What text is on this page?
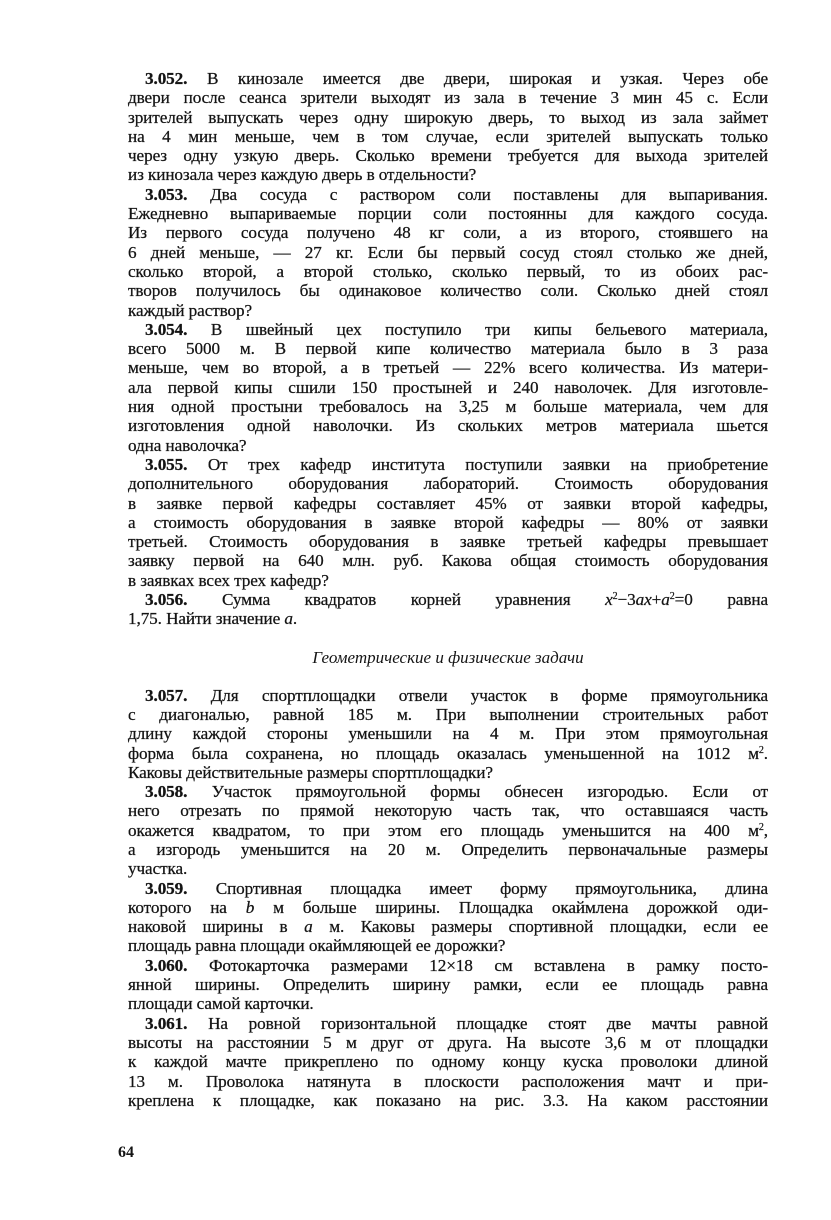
3.052. В кинозале имеется две двери, широкая и узкая. Через обе
двери после сеанса зрители выходят из зала в течение 3 мин 45 с. Если
зрителей выпускать через одну широкую дверь, то выход из зала займет
на 4 мин меньше, чем в том случае, если зрителей выпускать только
через одну узкую дверь. Сколько времени требуется для выхода зрителей
из кинозала через каждую дверь в отдельности?
3.053. Два сосуда с раствором соли поставлены для выпаривания.
Ежедневно выпариваемые порции соли постоянны для каждого сосуда.
Из первого сосуда получено 48 кг соли, а из второго, стоявшего на
6 дней меньше, — 27 кг. Если бы первый сосуд стоял столько же дней,
сколько второй, а второй столько, сколько первый, то из обоих рас-
творов получилось бы одинаковое количество соли. Сколько дней стоял
каждый раствор?
3.054. В швейный цех поступило три кипы бельевого материала,
всего 5000 м. В первой кипе количество материала было в 3 раза
меньше, чем во второй, а в третьей — 22% всего количества. Из матери-
ала первой кипы сшили 150 простыней и 240 наволочек. Для изготовле-
ния одной простыни требовалось на 3,25 м больше материала, чем для
изготовления одной наволочки. Из скольких метров материала шьется
одна наволочка?
3.055. От трех кафедр института поступили заявки на приобретение
дополнительного оборудования лабораторий. Стоимость оборудования
в заявке первой кафедры составляет 45% от заявки второй кафедры,
а стоимость оборудования в заявке второй кафедры — 80% от заявки
третьей. Стоимость оборудования в заявке третьей кафедры превышает
заявку первой на 640 млн. руб. Какова общая стоимость оборудования
в заявках всех трех кафедр?
3.056. Сумма квадратов корней уравнения $x^2-3ax+a^2=0$ равна
1,75. Найти значение a.
Геометрические и физические задачи
3.057. Для спортплощадки отвели участок в форме прямоугольника
с диагональю, равной 185 м. При выполнении строительных работ
длину каждой стороны уменьшили на 4 м. При этом прямоугольная
форма была сохранена, но площадь оказалась уменьшенной на 1012 $м^2$.
Каковы действительные размеры спортплощадки?
3.058. Участок прямоугольной формы обнесен изгородью. Если от
него отрезать по прямой некоторую часть так, что оставшаяся часть
окажется квадратом, то при этом его площадь уменьшится на 400 $м^2$,
а изгородь уменьшится на 20 м. Определить первоначальные размеры
участка.
3.059. Спортивная площадка имеет форму прямоугольника, длина
которого на b м больше ширины. Площадка окаймлена дорожкой оди-
наковой ширины в a м. Каковы размеры спортивной площадки, если ее
площадь равна площади окаймляющей ее дорожки?
3.060. Фотокарточка размерами 12×18 см вставлена в рамку посто-
янной ширины. Определить ширину рамки, если ее площадь равна
площади самой карточки.
3.061. На ровной горизонтальной площадке стоят две мачты равной
высоты на расстоянии 5 м друг от друга. На высоте 3,6 м от площадки
к каждой мачте прикреплено по одному концу куска проволоки длиной
13 м. Проволока натянута в плоскости расположения мачт и при-
креплена к площадке, как показано на рис. 3.3. На каком расстоянии
64
